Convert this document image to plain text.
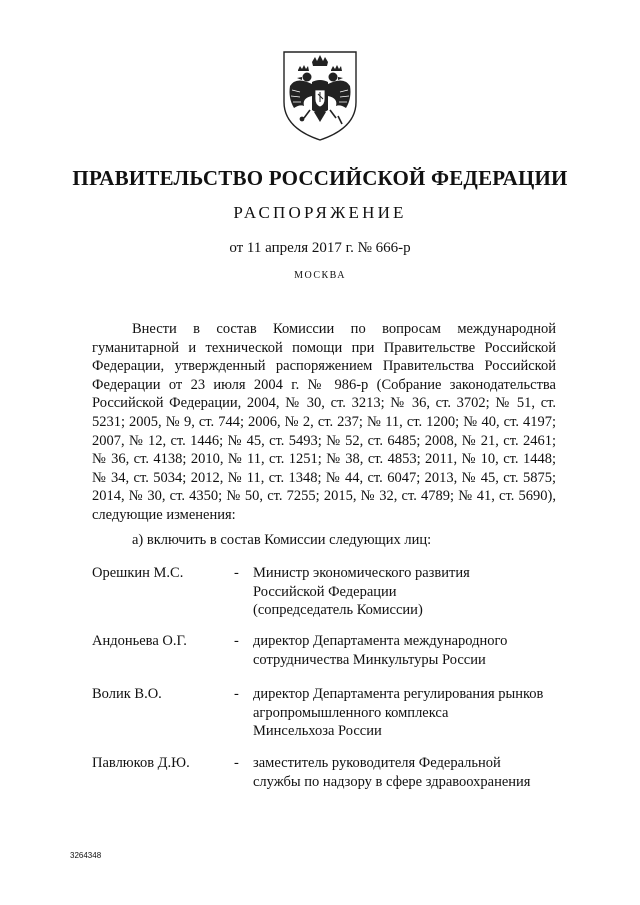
ПРАВИТЕЛЬСТВО РОССИЙСКОЙ ФЕДЕРАЦИИ
РАСПОРЯЖЕНИЕ
от 11 апреля 2017 г. № 666-р
МОСКВА

Внести в состав Комиссии по вопросам международной гуманитарной и технической помощи при Правительстве Российской Федерации, утвержденный распоряжением Правительства Российской Федерации от 23 июля 2004 г. № 986-р (Собрание законодательства Российской Федерации, 2004, № 30, ст. 3213; № 36, ст. 3702; № 51, ст. 5231; 2005, № 9, ст. 744; 2006, № 2, ст. 237; № 11, ст. 1200; № 40, ст. 4197; 2007, № 12, ст. 1446; № 45, ст. 5493; № 52, ст. 6485; 2008, № 21, ст. 2461; № 36, ст. 4138; 2010, № 11, ст. 1251; № 38, ст. 4853; 2011, № 10, ст. 1448; № 34, ст. 5034; 2012, № 11, ст. 1348; № 44, ст. 6047; 2013, № 45, ст. 5875; 2014, № 30, ст. 4350; № 50, ст. 7255; 2015, № 32, ст. 4789; № 41, ст. 5690), следующие изменения:

а) включить в состав Комиссии следующих лиц:
Орешкин М.С.	- Министр экономического развития
Российской Федерации
(сопредседатель Комиссии)
Андоньева О.Г.	- директор Департамента международного
сотрудничества Минкультуры России
Волик В.О.	- директор Департамента регулирования рынков
агропромышленного комплекса
Минсельхоза России
Павлюков Д.Ю.	- заместитель руководителя Федеральной
службы по надзору в сфере здравоохранения
3264348
